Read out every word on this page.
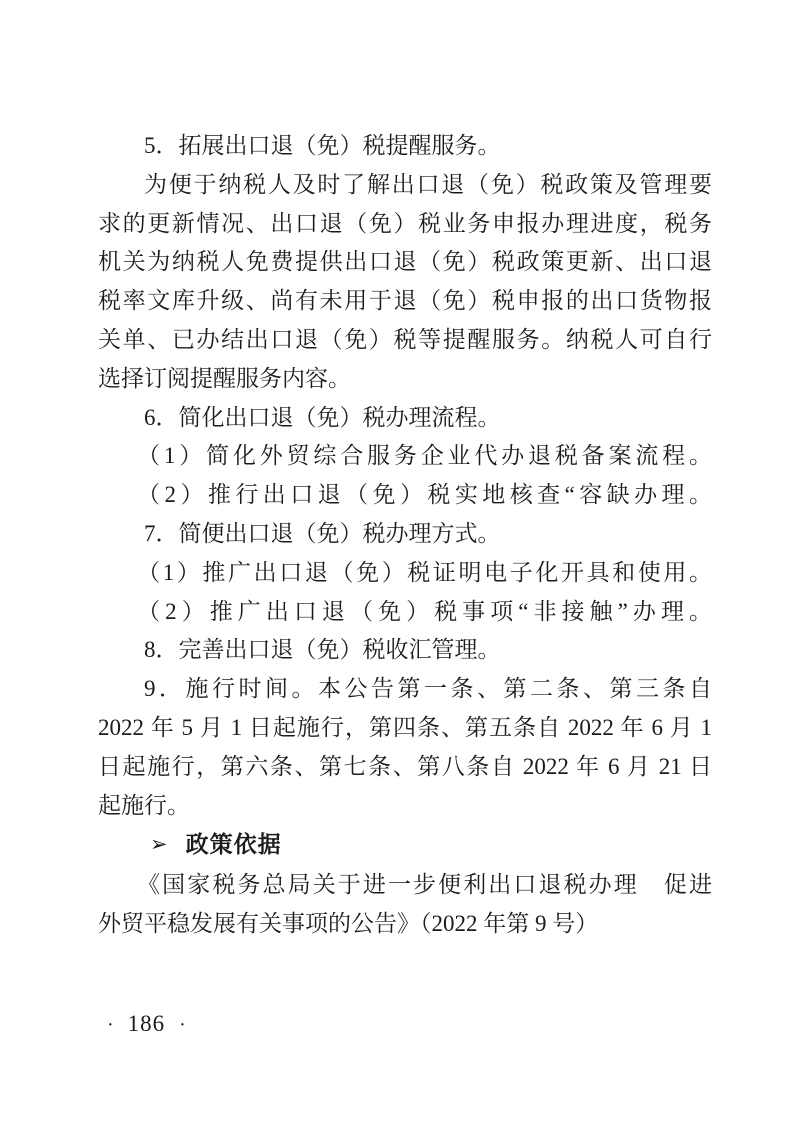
5．拓展出口退（免）税提醒服务。
为便于纳税人及时了解出口退（免）税政策及管理要
求的更新情况、出口退（免）税业务申报办理进度，税务
机关为纳税人免费提供出口退（免）税政策更新、出口退
税率文库升级、尚有未用于退（免）税申报的出口货物报
关单、已办结出口退（免）税等提醒服务。纳税人可自行
选择订阅提醒服务内容。
6．简化出口退（免）税办理流程。
（1）简化外贸综合服务企业代办退税备案流程。
（2）推行出口退（免）税实地核查“容缺办理。
7．简便出口退（免）税办理方式。
（1）推广出口退（免）税证明电子化开具和使用。
（2）推广出口退（免）税事项“非接触”办理。
8．完善出口退（免）税收汇管理。
9．施行时间。本公告第一条、第二条、第三条自
2022 年 5 月 1 日起施行，第四条、第五条自 2022 年 6 月 1
日起施行，第六条、第七条、第八条自 2022 年 6 月 21 日
起施行。
➢ 政策依据
《国家税务总局关于进一步便利出口退税办理　促进
外贸平稳发展有关事项的公告》（2022 年第 9 号）
· 186 ·
